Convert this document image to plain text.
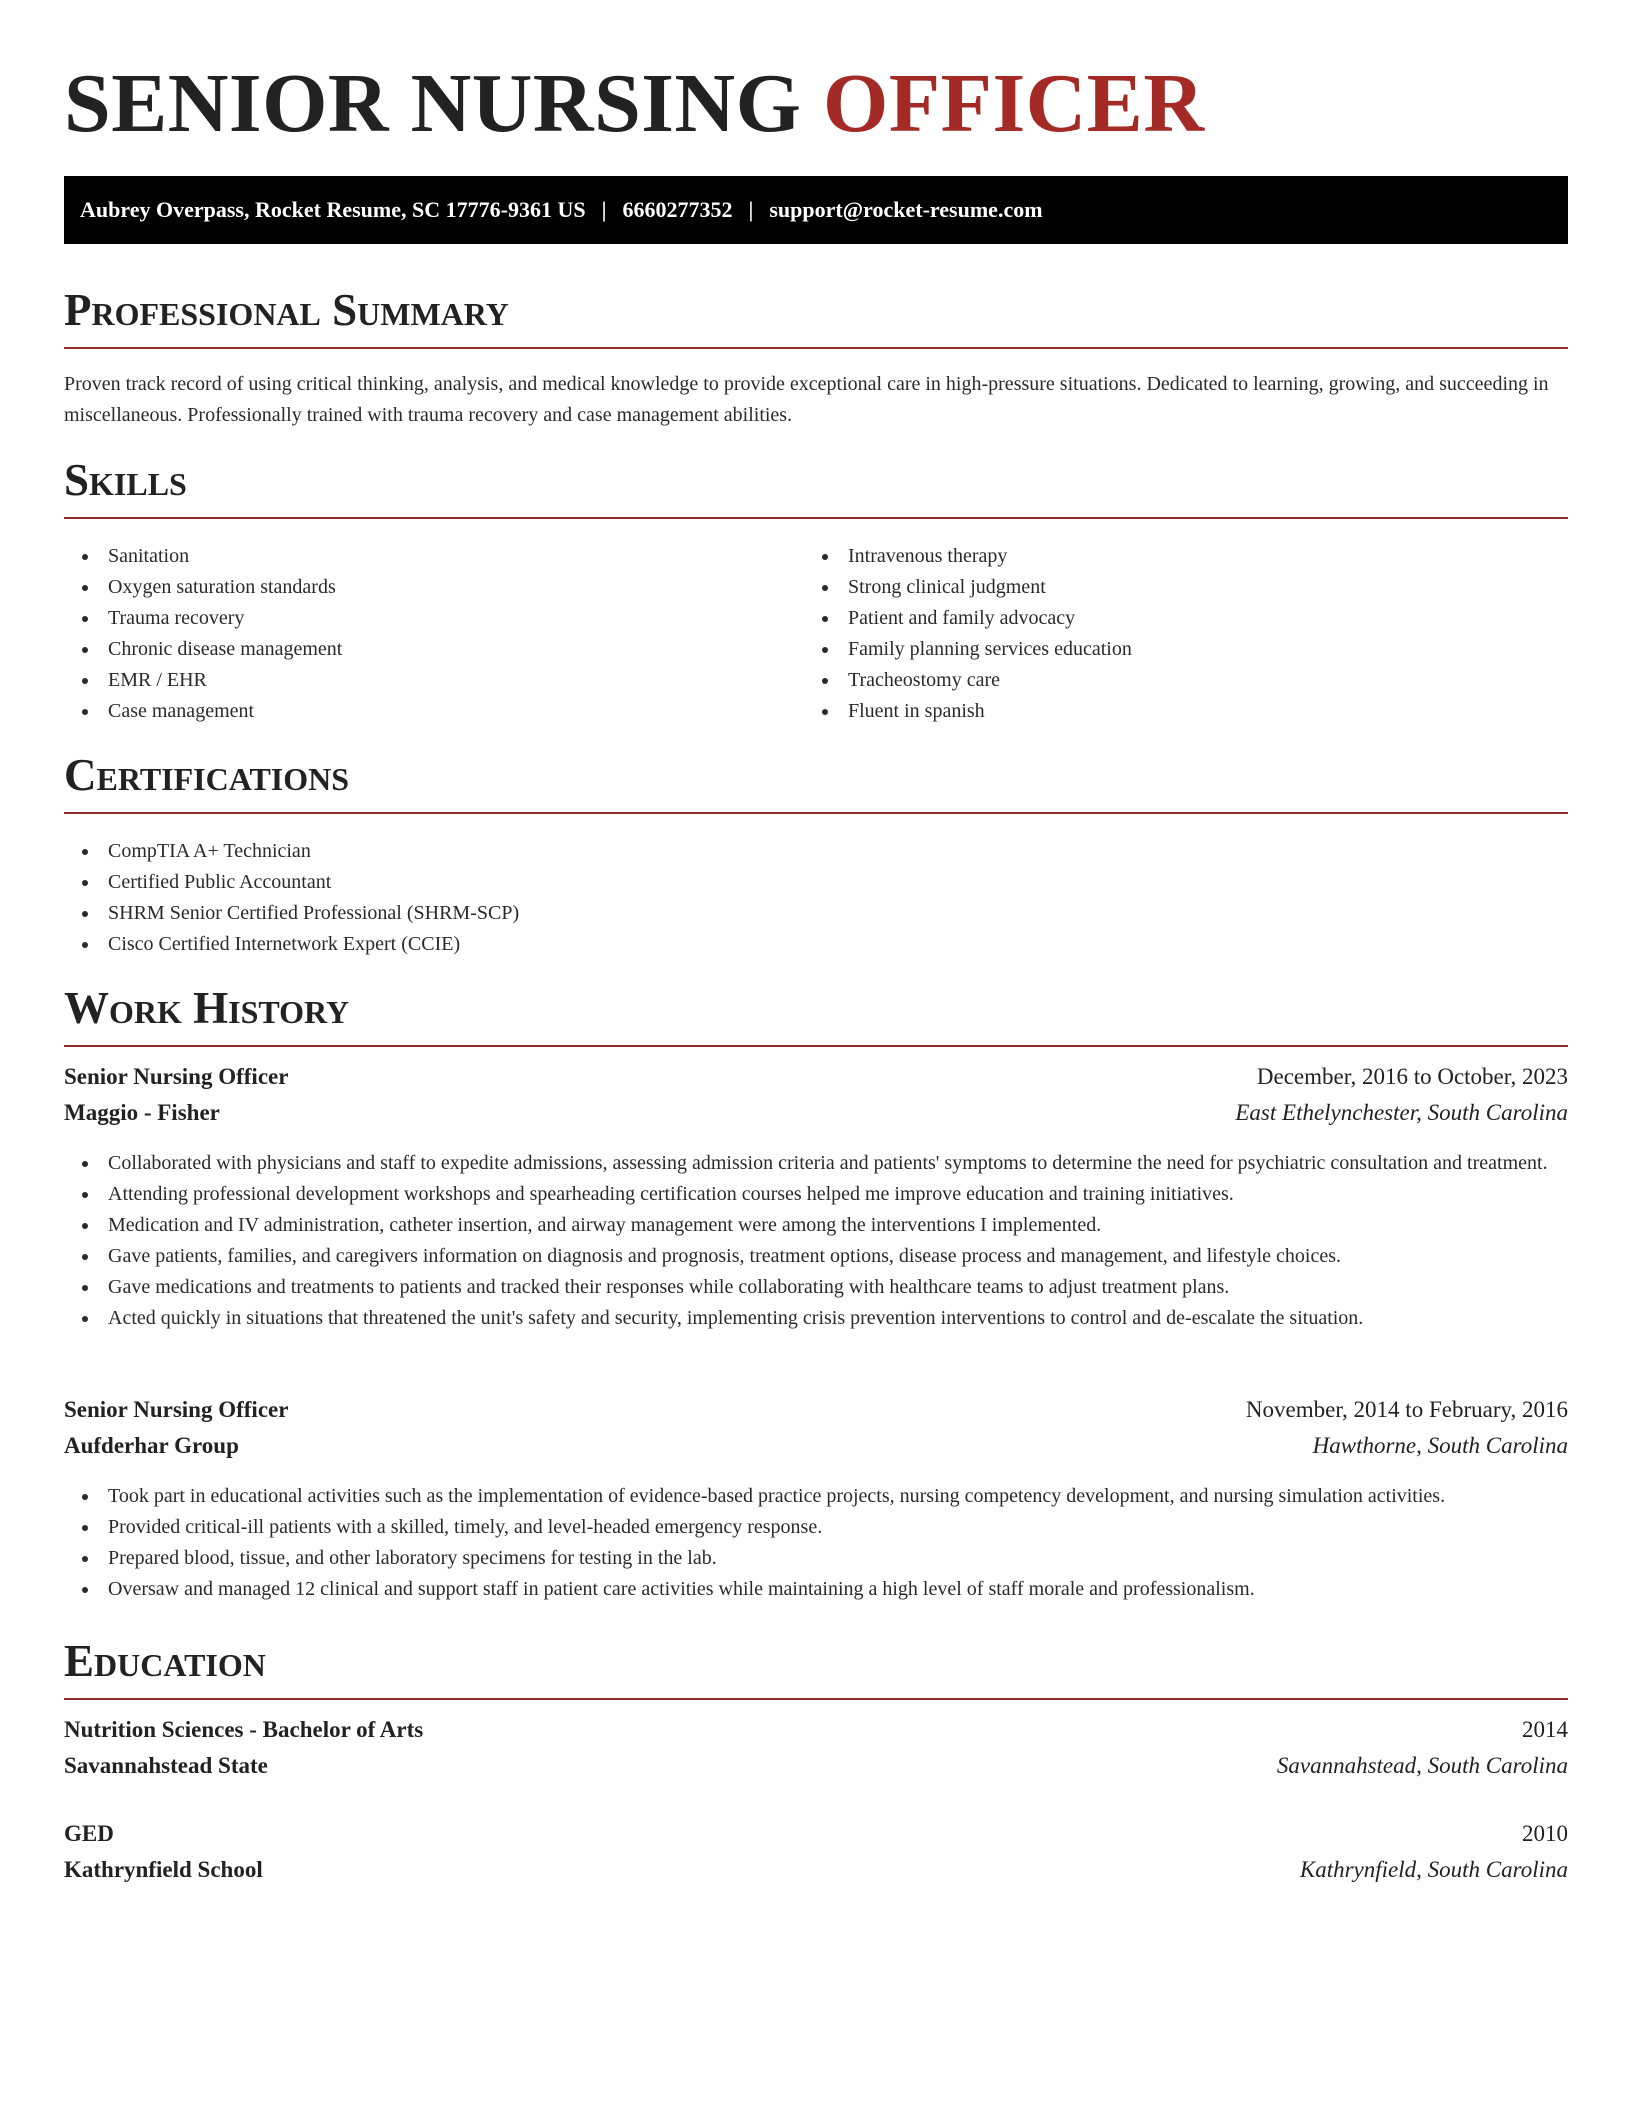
SENIOR NURSING OFFICER
Aubrey Overpass, Rocket Resume, SC 17776-9361 US | 6660277352 | support@rocket-resume.com
Professional Summary

Proven track record of using critical thinking, analysis, and medical knowledge to provide exceptional care in high-pressure situations. Dedicated to learning, growing, and succeeding in miscellaneous. Professionally trained with trauma recovery and case management abilities.

Skills
Sanitation
Oxygen saturation standards
Trauma recovery
Chronic disease management
EMR / EHR
Case management
Intravenous therapy
Strong clinical judgment
Patient and family advocacy
Family planning services education
Tracheostomy care
Fluent in spanish
Certifications
CompTIA A+ Technician
Certified Public Accountant
SHRM Senior Certified Professional (SHRM-SCP)
Cisco Certified Internetwork Expert (CCIE)
Work History
Senior Nursing Officer	December, 2016 to October, 2023
Maggio - Fisher	East Ethelynchester, South Carolina
Collaborated with physicians and staff to expedite admissions, assessing admission criteria and patients' symptoms to determine the need for psychiatric consultation and treatment.
Attending professional development workshops and spearheading certification courses helped me improve education and training initiatives.
Medication and IV administration, catheter insertion, and airway management were among the interventions I implemented.
Gave patients, families, and caregivers information on diagnosis and prognosis, treatment options, disease process and management, and lifestyle choices.
Gave medications and treatments to patients and tracked their responses while collaborating with healthcare teams to adjust treatment plans.
Acted quickly in situations that threatened the unit's safety and security, implementing crisis prevention interventions to control and de-escalate the situation.
Senior Nursing Officer	November, 2014 to February, 2016
Aufderhar Group	Hawthorne, South Carolina
Took part in educational activities such as the implementation of evidence-based practice projects, nursing competency development, and nursing simulation activities.
Provided critical-ill patients with a skilled, timely, and level-headed emergency response.
Prepared blood, tissue, and other laboratory specimens for testing in the lab.
Oversaw and managed 12 clinical and support staff in patient care activities while maintaining a high level of staff morale and professionalism.
Education
Nutrition Sciences - Bachelor of Arts	2014
Savannahstead State	Savannahstead, South Carolina
GED	2010
Kathrynfield School	Kathrynfield, South Carolina
